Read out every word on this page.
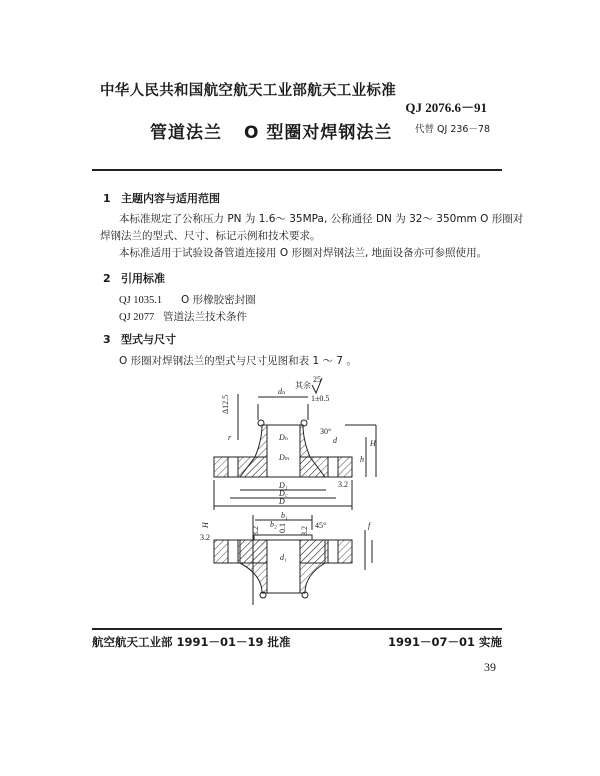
中华人民共和国航空航天工业部航天工业标准
QJ 2076.6－91
管道法兰 O 型圈对焊钢法兰 代替 QJ 236－78
1 主题内容与适用范围
本标准规定了公称压力 PN 为 1.6～ 35MPa, 公称通径 DN 为 32～ 350mm O 形圈对
焊钢法兰的型式、尺寸、标记示例和技术要求。
本标准适用于试验设备管道连接用 O 形圈对焊钢法兰, 地面设备亦可参照使用。
2 引用标准
QJ 1035.1 O 形橡胶密封圈
QJ 2077 管道法兰技术条件
3 型式与尺寸
O 形圈对焊钢法兰的型式与尺寸见图和表 1 ～ 7 。
其余
25
dₙ
1±0.5
Δ12.5
30°
r	Dₙ
Dₘ
d	H
h
D₁
D꜀
D
3.2
b₁
b₂
3.2 0.1 3.2
45°	f
d₁
H
3.2
航空航天工业部 1991－01－19 批准	1991－07－01 实施
39
